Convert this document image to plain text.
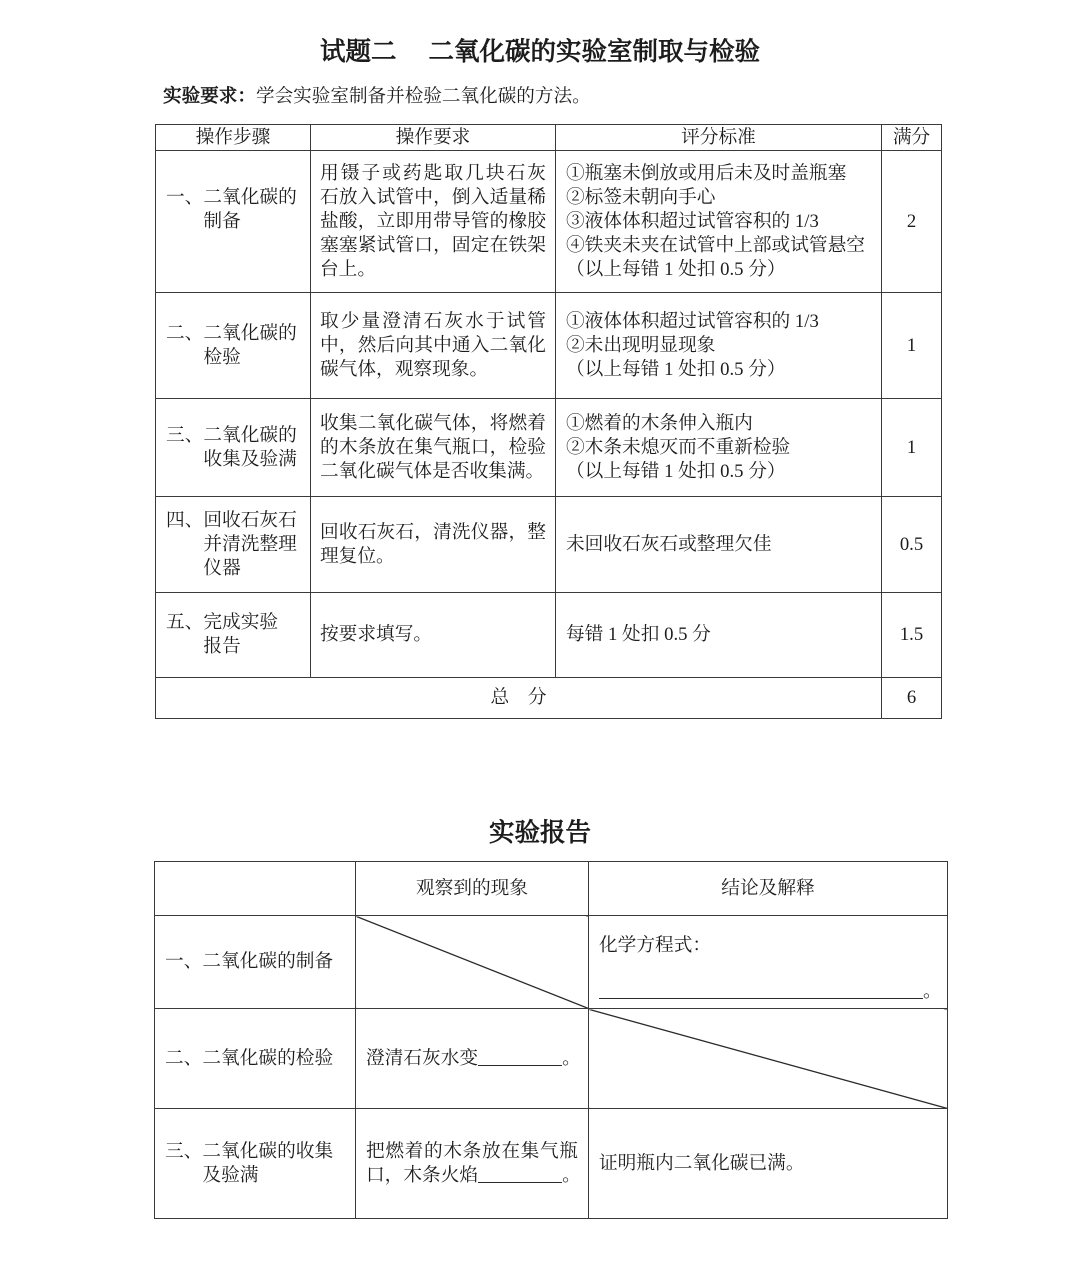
试题二 二氧化碳的实验室制取与检验
实验要求：学会实验室制备并检验二氧化碳的方法。
操作步骤	操作要求	评分标准	满分

一、二氧化碳的
制备	用镊子或药匙取几块石灰
石放入试管中，倒入适量稀
盐酸，立即用带导管的橡胶
塞塞紧试管口，固定在铁架
台上。	①瓶塞未倒放或用后未及时盖瓶塞
②标签未朝向手心
③液体体积超过试管容积的 1/3
④铁夹未夹在试管中上部或试管悬空
（以上每错 1 处扣 0.5 分）	2

二、二氧化碳的
检验	取少量澄清石灰水于试管
中，然后向其中通入二氧化
碳气体，观察现象。	①液体体积超过试管容积的 1/3
②未出现明显现象
（以上每错 1 处扣 0.5 分）	1

三、二氧化碳的
收集及验满	收集二氧化碳气体，将燃着
的木条放在集气瓶口，检验
二氧化碳气体是否收集满。	①燃着的木条伸入瓶内
②木条未熄灭而不重新检验
（以上每错 1 处扣 0.5 分）	1

四、回收石灰石
并清洗整理
仪器	回收石灰石，清洗仪器，整
理复位。	未回收石灰石或整理欠佳	0.5

五、完成实验
报告	按要求填写。	每错 1 处扣 0.5 分	1.5
总　分			6
实验报告
	观察到的现象	结论及解释

一、二氧化碳的制备		化学方程式：
。

二、二氧化碳的检验	澄清石灰水变 。	

三、二氧化碳的收集
及验满	把燃着的木条放在集气瓶
口，木条火焰 。	证明瓶内二氧化碳已满。
